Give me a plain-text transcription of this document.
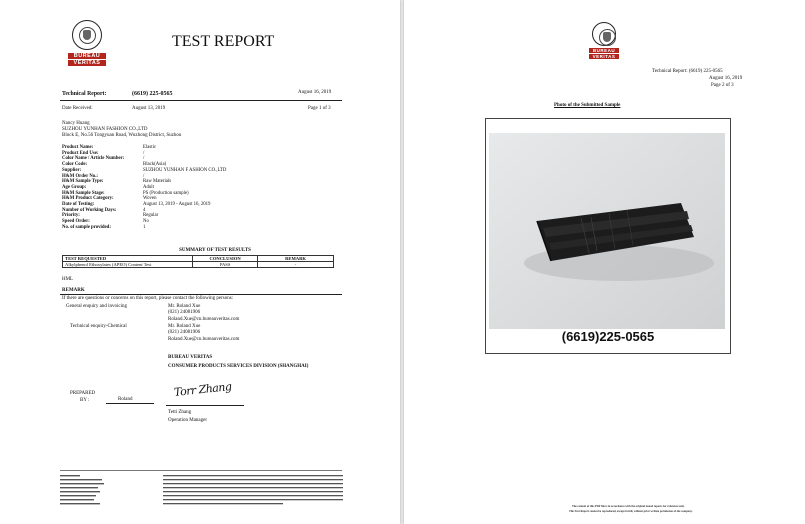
BUREAU
VERITAS
TEST REPORT
Technical Report:	(6619) 225-0565	August 16, 2019
Date Received:	August 13, 2019	Page 1 of 3
Nancy Huang
SUZHOU YUNHAN FASHION CO.,LTD
Block E, No.56 Tongyuan Road, Wuzhong District, Suzhou
Product Name:	Elastic
Product End Use:	/
Color Name / Article Number:	/
Color Code:	Black(Asia)
Supplier:	SUZHOU YUNHAN F ASHION CO.,LTD
H&M Order No.:	/
H&M Sample Type:	Raw Materials
Age Group:	Adult
H&M Sample Stage:	PS (Production sample)
H&M Product Category:	Woven
Date of Testing:	August 13, 2019 - August 16, 2019
Number of Working Days:	4
Priority:	Regular
Speed Order:	No
No. of sample provided:	1
SUMMARY OF TEST RESULTS
TEST REQUESTED	CONCLUSION	REMARK
Alkylphenol Ethoxylates (APEO) Content Test	PASS	-
HML
REMARK
If there are questions or concerns on this report, please contact the following persons:
General enquiry and invoicing	Mr. Roland Xue
(021) 24081906
Roland.Xue@cn.bureauveritas.com
Technical enquiry-Chemical	Mr. Roland Xue
(021) 24081906
Roland.Xue@cn.bureauveritas.com
BUREAU VERITAS
CONSUMER PRODUCTS SERVICES DIVISION (SHANGHAI)
PREPARED
BY :	Roland
Torr Zhang
Tetti Zhang
Operation Manager
BUREAU
VERITAS
Technical Report: (6619) 225-0565
August 16, 2019
Page 2 of 3
Photo of the Submitted Sample
(6619)225-0565
The content of this PDF file is in accordance with the original issued reports for reference only.
This Test Report cannot be reproduced, except in full, without prior written permission of the company.
